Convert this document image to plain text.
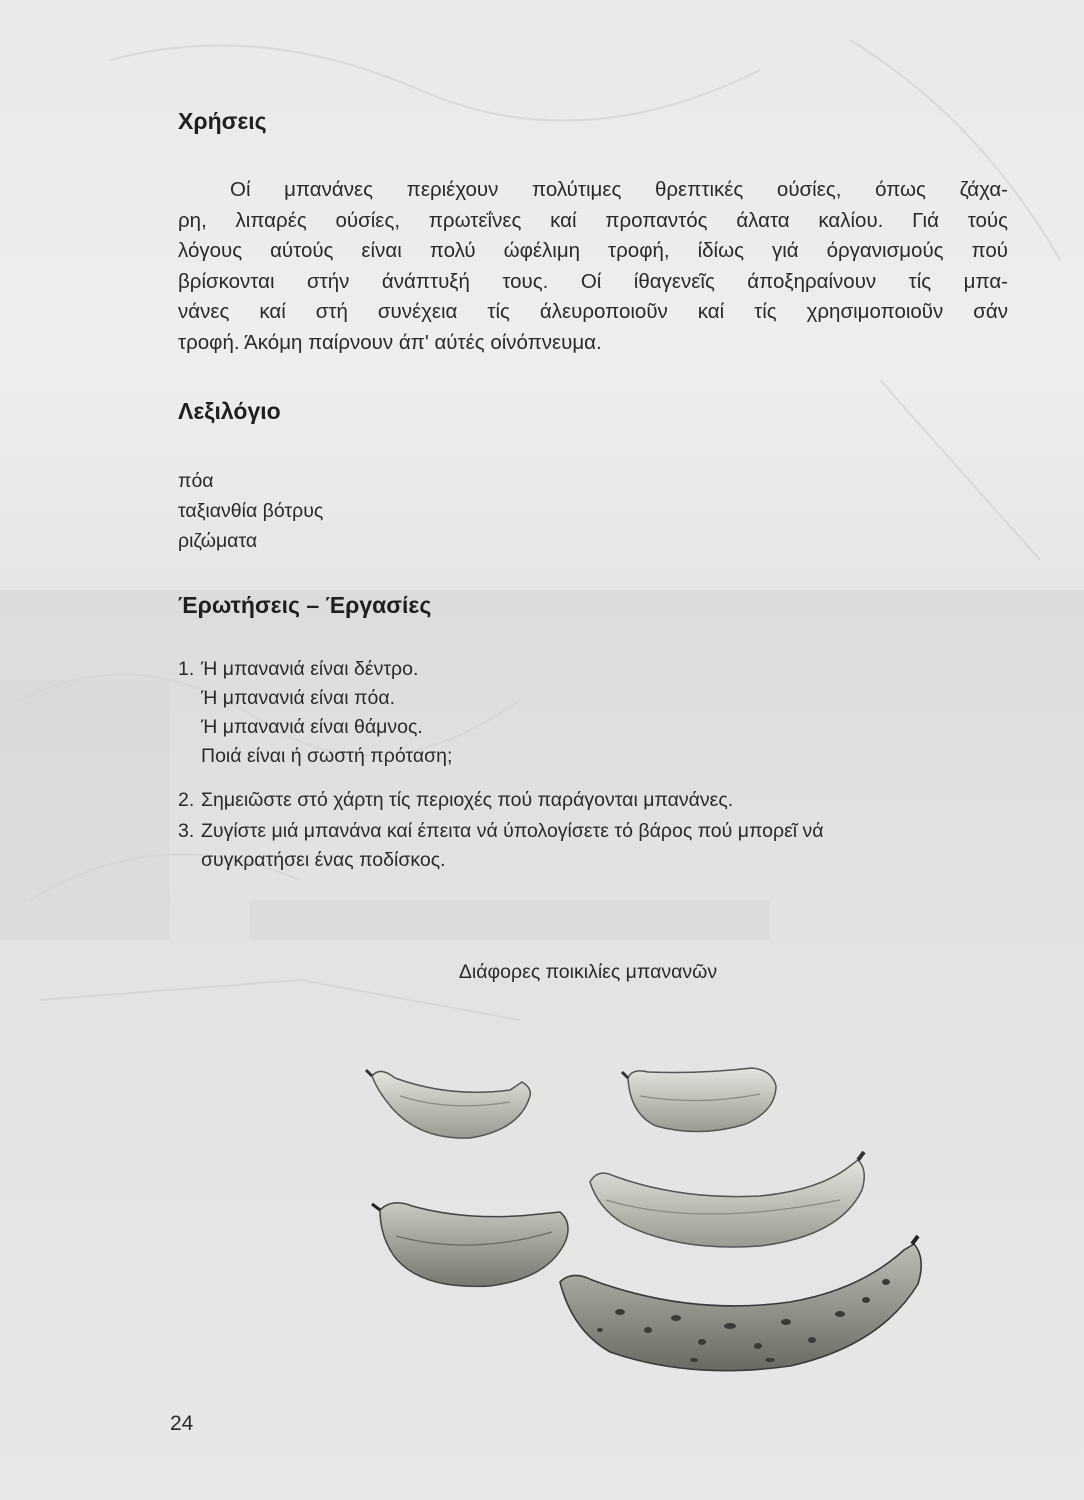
Χρήσεις
Οί μπανάνες περιέχουν πολύτιμες θρεπτικές ούσίες, όπως ζάχα-
ρη, λιπαρές ούσίες, πρωτεΐνες καί προπαντός άλατα καλίου. Γιά τούς
λόγους αύτούς είναι πολύ ώφέλιμη τροφή, ίδίως γιά όργανισμούς πού
βρίσκονται στήν άνάπτυξή τους. Οί ίθαγενεῖς άποξηραίνουν τίς μπα-
νάνες καί στή συνέχεια τίς άλευροποιοῦν καί τίς χρησιμοποιοῦν σάν
τροφή. Άκόμη παίρνουν άπ' αύτές οίνόπνευμα.
Λεξιλόγιο
πόα
ταξιανθία βότρυς
ριζώματα
Έρωτήσεις – Έργασίες
1. Ή μπανανιά είναι δέντρο.
Ή μπανανιά είναι πόα.
Ή μπανανιά είναι θάμνος.
Ποιά είναι ή σωστή πρόταση;
2. Σημειῶστε στό χάρτη τίς περιοχές πού παράγονται μπανάνες.
3. Ζυγίστε μιά μπανάνα καί έπειτα νά ύπολογίσετε τό βάρος πού μπορεῖ νά
συγκρατήσει ένας ποδίσκος.
Διάφορες ποικιλίες μπανανῶν
24
